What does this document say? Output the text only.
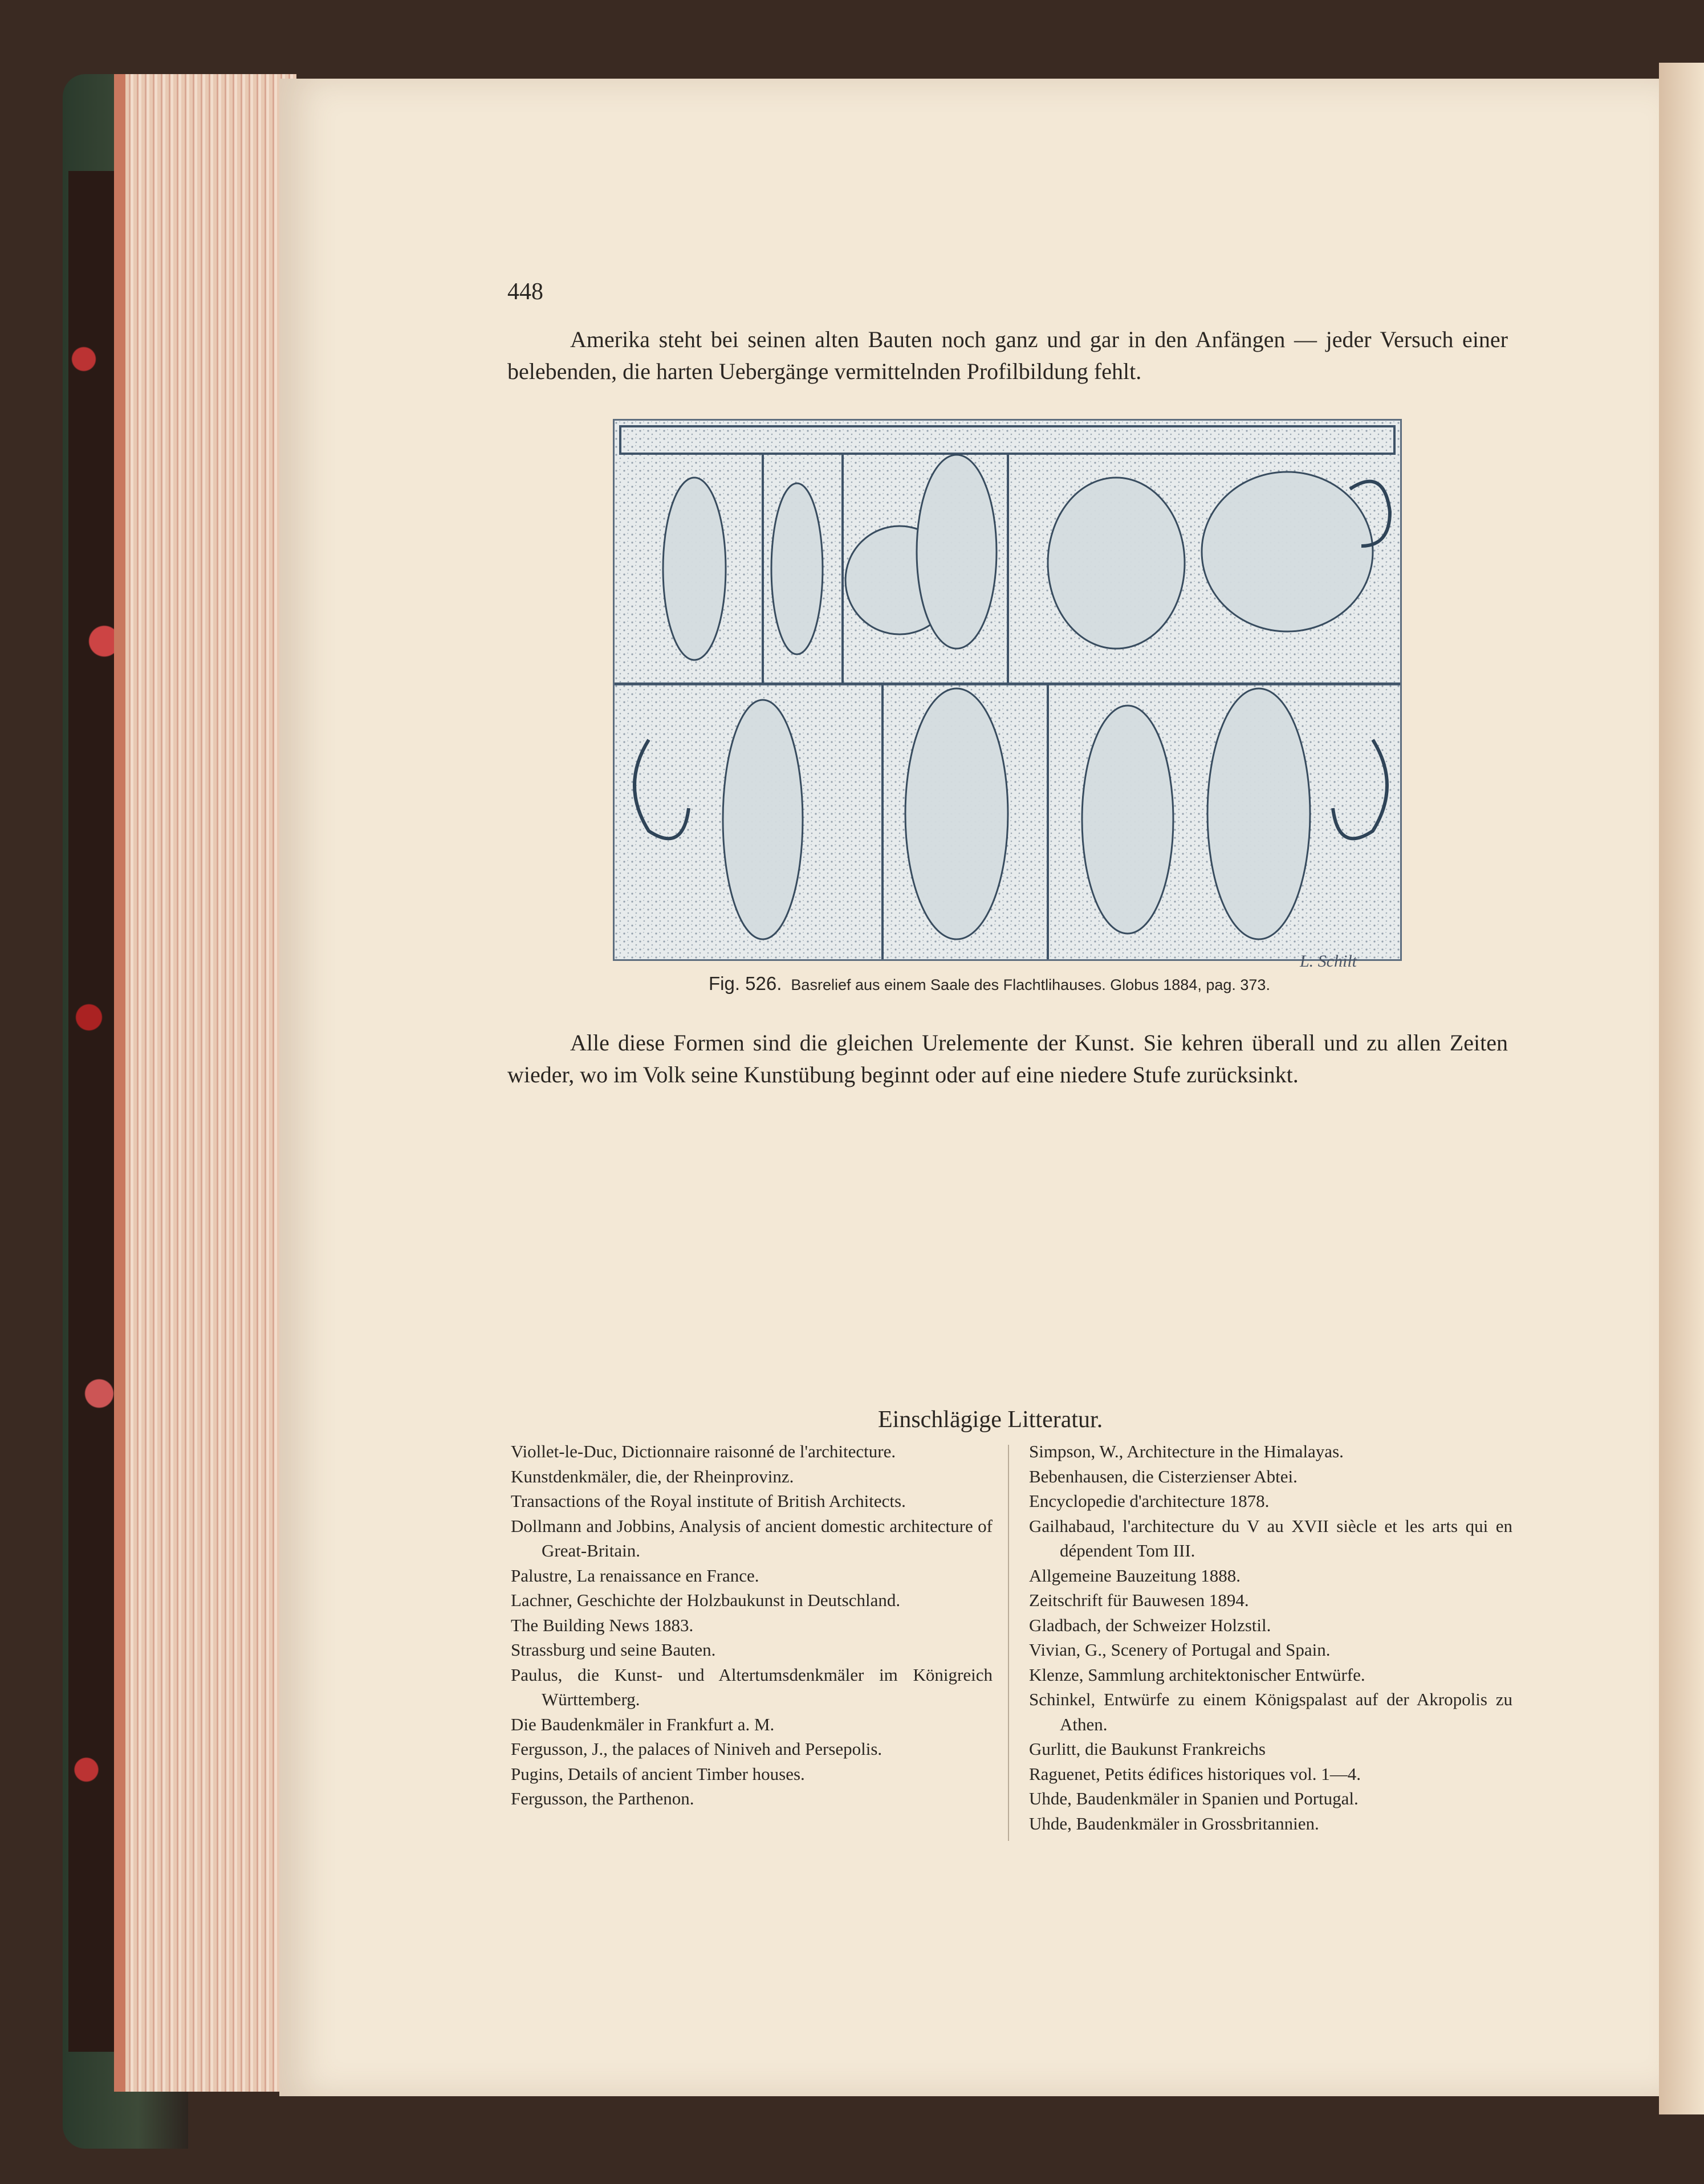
448

Amerika steht bei seinen alten Bauten noch ganz und gar in den Anfängen — jeder Versuch einer belebenden, die harten Uebergänge vermittelnden Profilbildung fehlt.

L. Schilt
Fig. 526. Basrelief aus einem Saale des Flachtlihauses. Globus 1884, pag. 373.

Alle diese Formen sind die gleichen Urelemente der Kunst. Sie kehren überall und zu allen Zeiten wieder, wo im Volk seine Kunstübung beginnt oder auf eine niedere Stufe zurücksinkt.

Einschlägige Litteratur.
Viollet-le-Duc, Dictionnaire raisonné de l'architecture.
Kunstdenkmäler, die, der Rheinprovinz.
Transactions of the Royal institute of British Architects.
Dollmann and Jobbins, Analysis of ancient domestic architecture of Great-Britain.
Palustre, La renaissance en France.
Lachner, Geschichte der Holzbaukunst in Deutschland.
The Building News 1883.
Strassburg und seine Bauten.
Paulus, die Kunst- und Altertumsdenkmäler im Königreich Württemberg.
Die Baudenkmäler in Frankfurt a. M.
Fergusson, J., the palaces of Niniveh and Persepolis.
Pugins, Details of ancient Timber houses.
Fergusson, the Parthenon.
Simpson, W., Architecture in the Himalayas.
Bebenhausen, die Cisterzienser Abtei.
Encyclopedie d'architecture 1878.
Gailhabaud, l'architecture du V au XVII siècle et les arts qui en dépendent Tom III.
Allgemeine Bauzeitung 1888.
Zeitschrift für Bauwesen 1894.
Gladbach, der Schweizer Holzstil.
Vivian, G., Scenery of Portugal and Spain.
Klenze, Sammlung architektonischer Entwürfe.
Schinkel, Entwürfe zu einem Königspalast auf der Akropolis zu Athen.
Gurlitt, die Baukunst Frankreichs
Raguenet, Petits édifices historiques vol. 1—4.
Uhde, Baudenkmäler in Spanien und Portugal.
Uhde, Baudenkmäler in Grossbritannien.
